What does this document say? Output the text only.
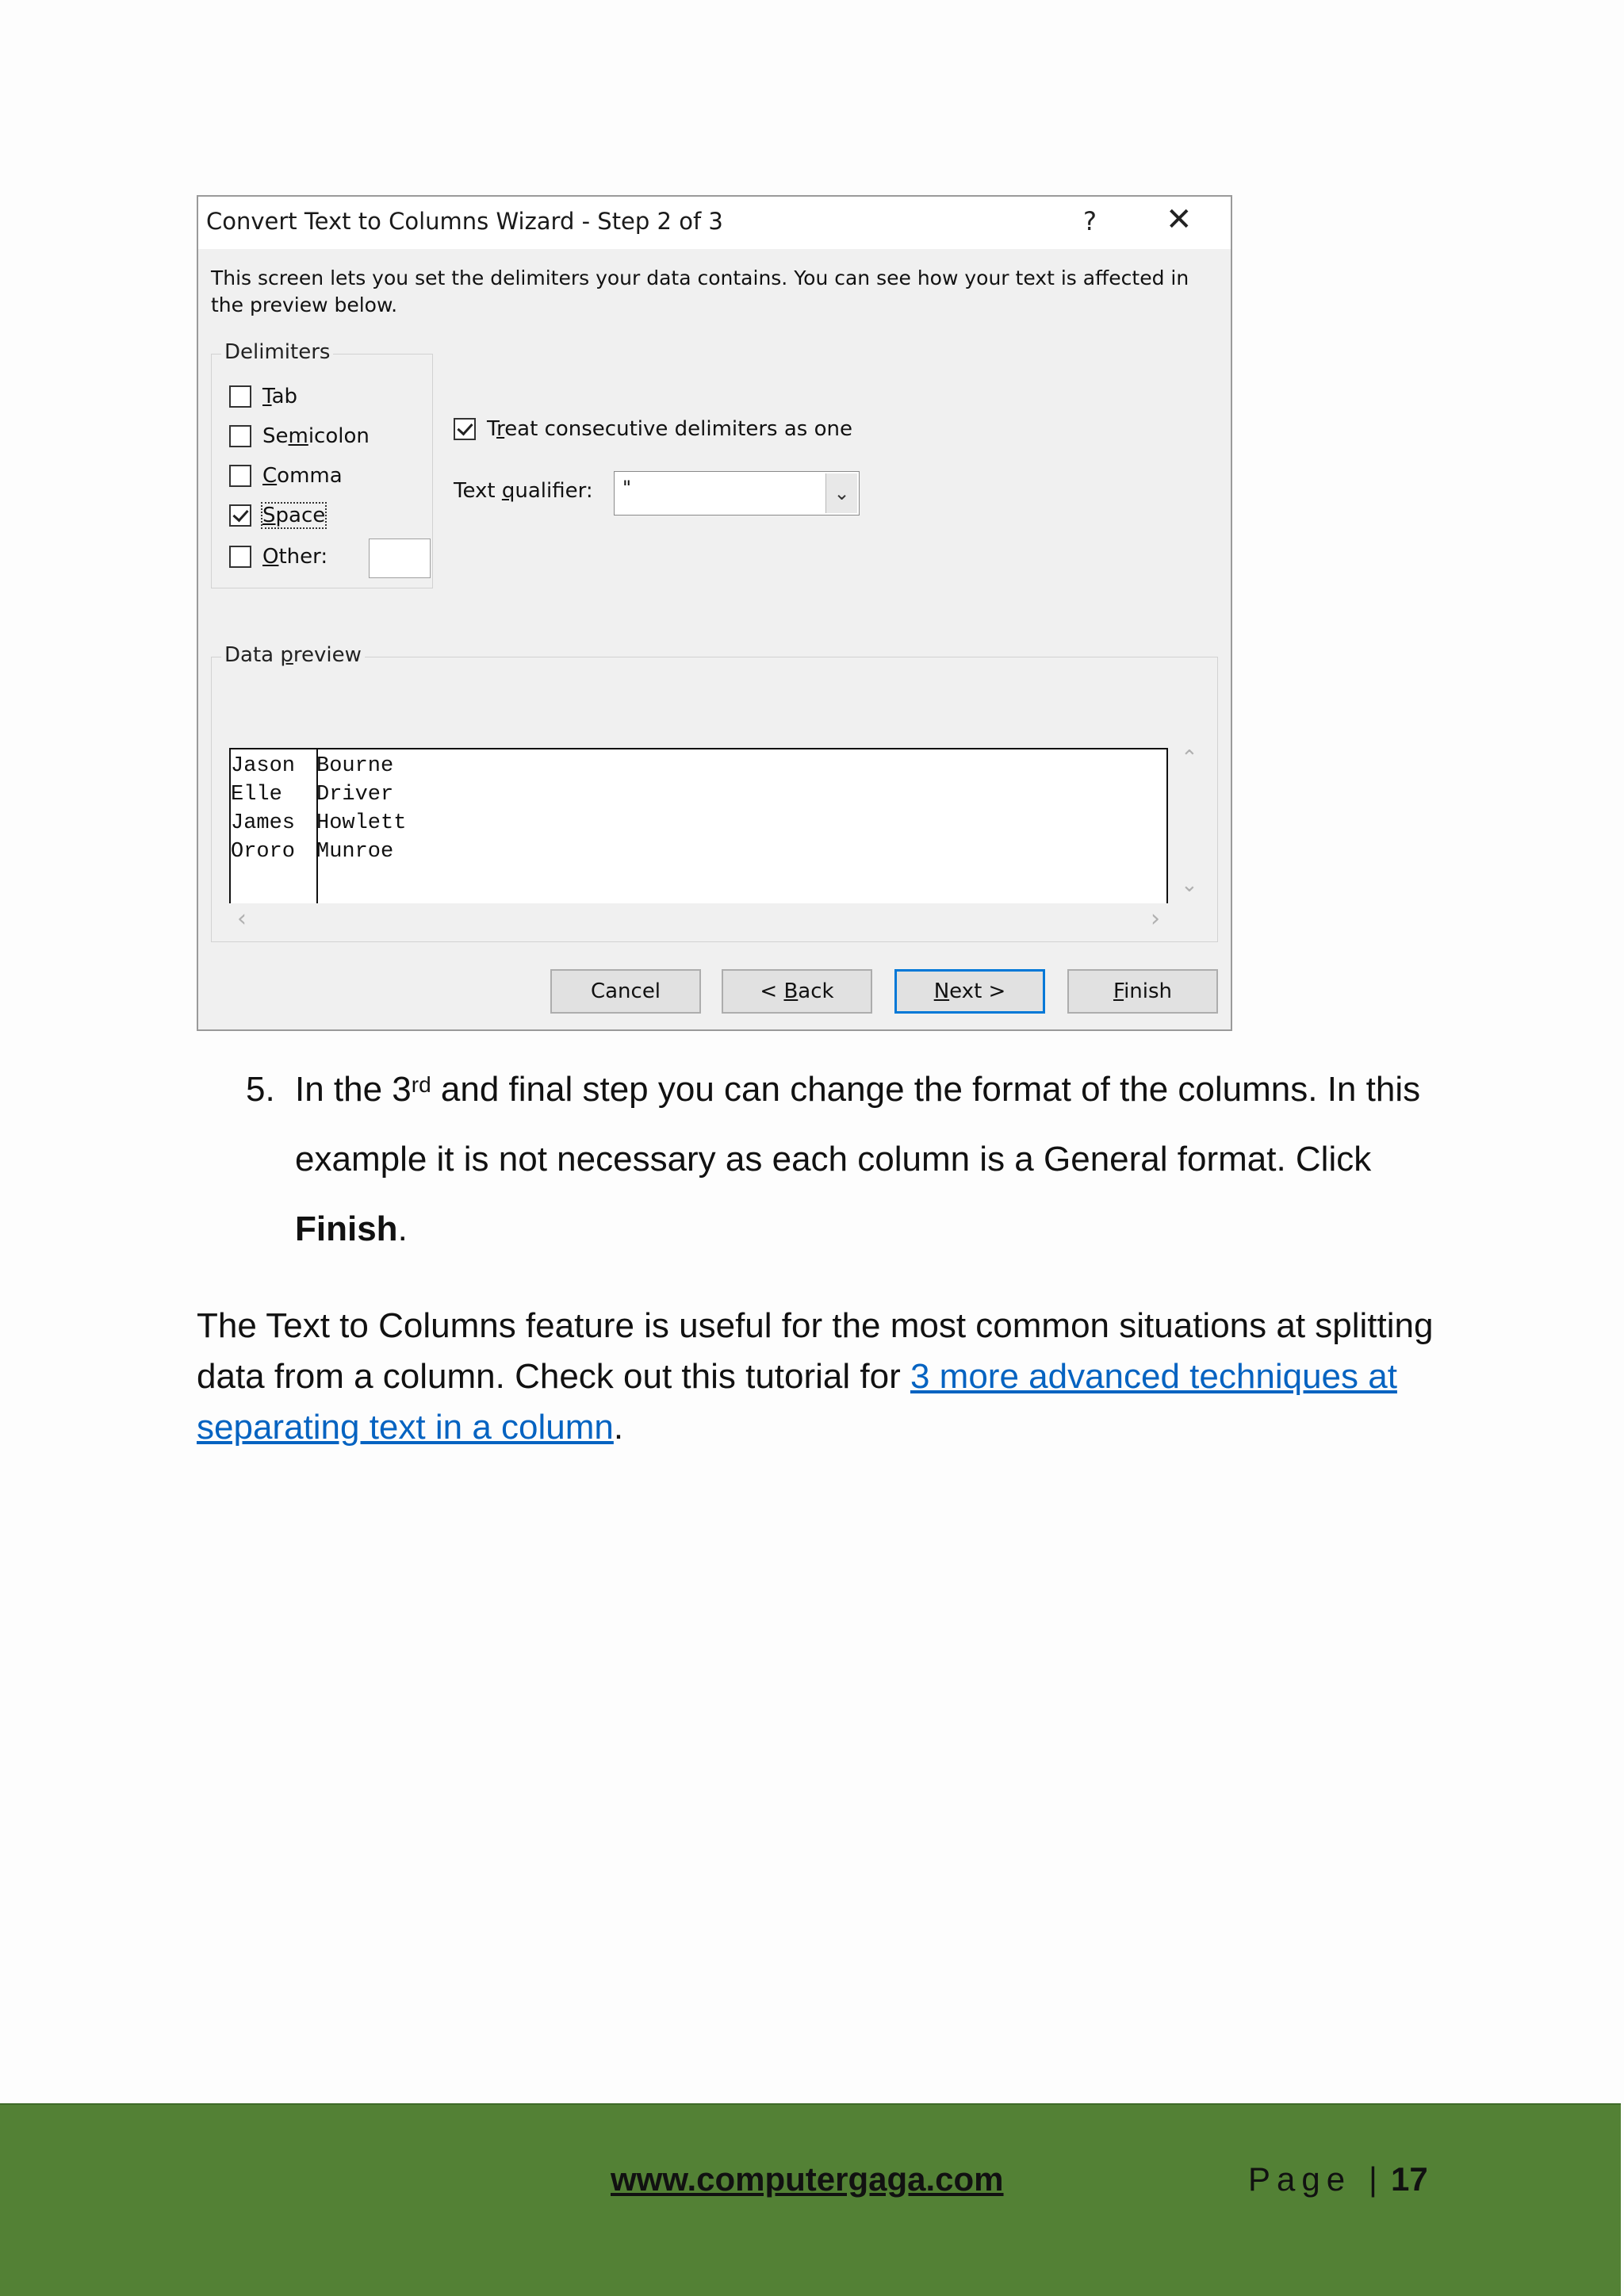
Convert Text to Columns Wizard - Step 2 of 3	? ✕
This screen lets you set the delimiters your data contains. You can see how your text is affected in the preview below.
Delimiters
Tab
Semicolon
Comma
Space
Other:
Treat consecutive delimiters as one
Text qualifier: "	⌄
Data preview
Jason Bourne
Elle Driver
James Howlett
Ororo Munroe
⌃
⌄
‹	›
Cancel	< Back	Next >	Finish
5. In the 3rd and final step you can change the format of the columns. In this example it is not necessary as each column is a General format. Click Finish.
The Text to Columns feature is useful for the most common situations at splitting data from a column. Check out this tutorial for 3 more advanced techniques at separating text in a column.
www.computergaga.com	Page | 17
